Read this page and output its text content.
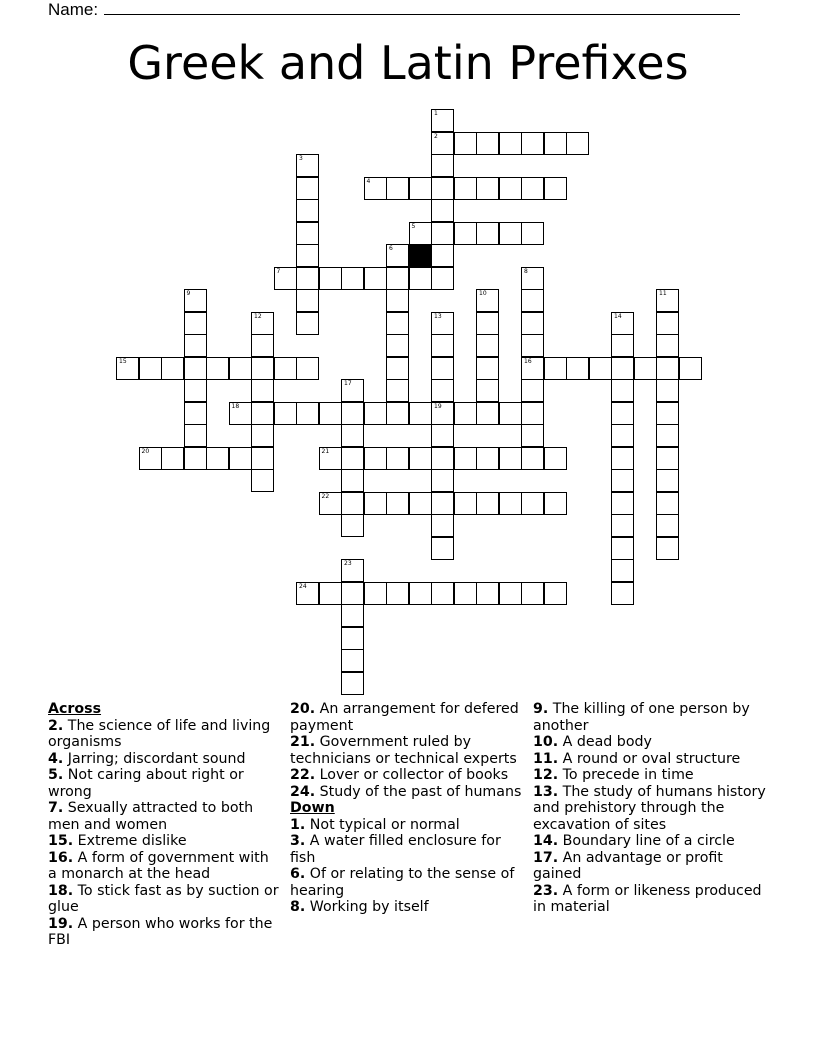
Name:
Greek and Latin Prefixes
2
4
5
7
15	16
18	19
20	21
22
24
1
3
6
8
9	10	11
12	13	14
17
23
Across
2. The science of life and living organisms
4. Jarring; discordant sound
5. Not caring about right or wrong
7. Sexually attracted to both men and women
15. Extreme dislike
16. A form of government with a monarch at the head
18. To stick fast as by suction or glue
19. A person who works for the FBI
20. An arrangement for defered payment
21. Government ruled by technicians or technical experts
22. Lover or collector of books
24. Study of the past of humans
Down
1. Not typical or normal
3. A water filled enclosure for fish
6. Of or relating to the sense of hearing
8. Working by itself
9. The killing of one person by another
10. A dead body
11. A round or oval structure
12. To precede in time
13. The study of humans history and prehistory through the excavation of sites
14. Boundary line of a circle
17. An advantage or profit gained
23. A form or likeness produced in material
